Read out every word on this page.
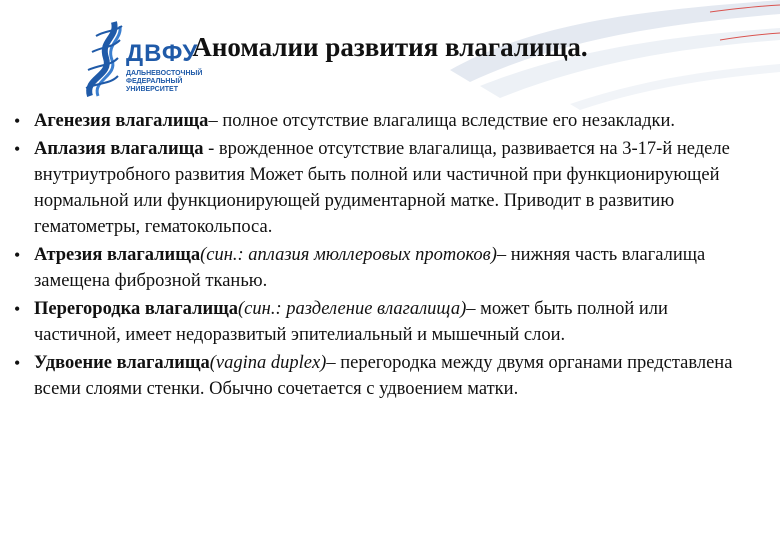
ДВФУ
ДАЛЬНЕВОСТОЧНЫЙ
ФЕДЕРАЛЬНЫЙ
УНИВЕРСИТЕТ
Аномалии развития влагалища.
• Агенезия влагалища– полное отсутствие влагалища вследствие его незакладки.
• Аплазия влагалища - врожденное отсутствие влагалища, развивается на 3-17-й неделе внутриутробного развития Может быть полной или частичной при функционирующей нормальной или функционирующей рудиментарной матке. Приводит в развитию гематометры, гематокольпоса.
• Атрезия влагалища(син.: аплазия мюллеровых протоков)– нижняя часть влагалища замещена фиброзной тканью.
• Перегородка влагалища(син.: разделение влагалища)– может быть полной или частичной, имеет недоразвитый эпителиальный и мышечный слои.
• Удвоение влагалища(vagina duplex)– перегородка между двумя органами представлена всеми слоями стенки. Обычно сочетается с удвоением матки.
85
